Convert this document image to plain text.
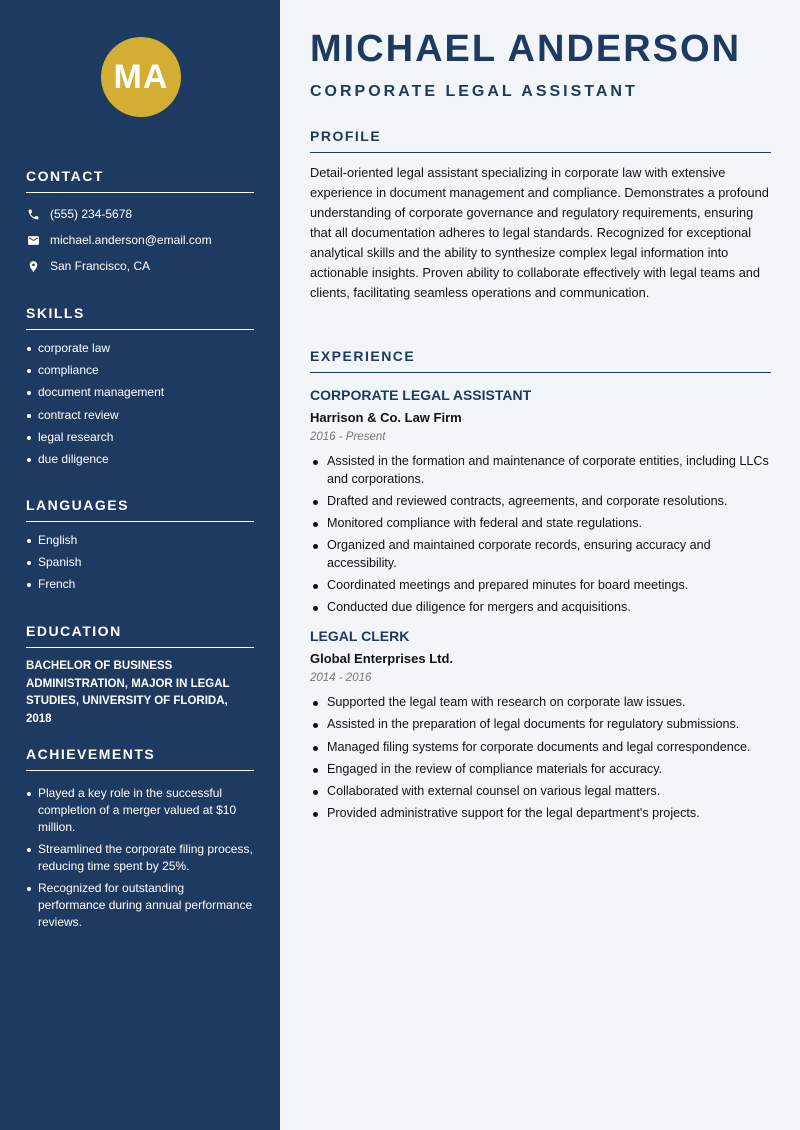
MA
CONTACT
(555) 234-5678
michael.anderson@email.com
San Francisco, CA
SKILLS
corporate law
compliance
document management
contract review
legal research
due diligence
LANGUAGES
English
Spanish
French
EDUCATION
BACHELOR OF BUSINESS ADMINISTRATION, MAJOR IN LEGAL STUDIES, UNIVERSITY OF FLORIDA, 2018
ACHIEVEMENTS
Played a key role in the successful completion of a merger valued at $10 million.
Streamlined the corporate filing process, reducing time spent by 25%.
Recognized for outstanding performance during annual performance reviews.
MICHAEL ANDERSON
CORPORATE LEGAL ASSISTANT
PROFILE

Detail-oriented legal assistant specializing in corporate law with extensive experience in document management and compliance. Demonstrates a profound understanding of corporate governance and regulatory requirements, ensuring that all documentation adheres to legal standards. Recognized for exceptional analytical skills and the ability to synthesize complex legal information into actionable insights. Proven ability to collaborate effectively with legal teams and clients, facilitating seamless operations and communication.

EXPERIENCE
CORPORATE LEGAL ASSISTANT
Harrison & Co. Law Firm
2016 - Present
Assisted in the formation and maintenance of corporate entities, including LLCs and corporations.
Drafted and reviewed contracts, agreements, and corporate resolutions.
Monitored compliance with federal and state regulations.
Organized and maintained corporate records, ensuring accuracy and accessibility.
Coordinated meetings and prepared minutes for board meetings.
Conducted due diligence for mergers and acquisitions.
LEGAL CLERK
Global Enterprises Ltd.
2014 - 2016
Supported the legal team with research on corporate law issues.
Assisted in the preparation of legal documents for regulatory submissions.
Managed filing systems for corporate documents and legal correspondence.
Engaged in the review of compliance materials for accuracy.
Collaborated with external counsel on various legal matters.
Provided administrative support for the legal department's projects.
